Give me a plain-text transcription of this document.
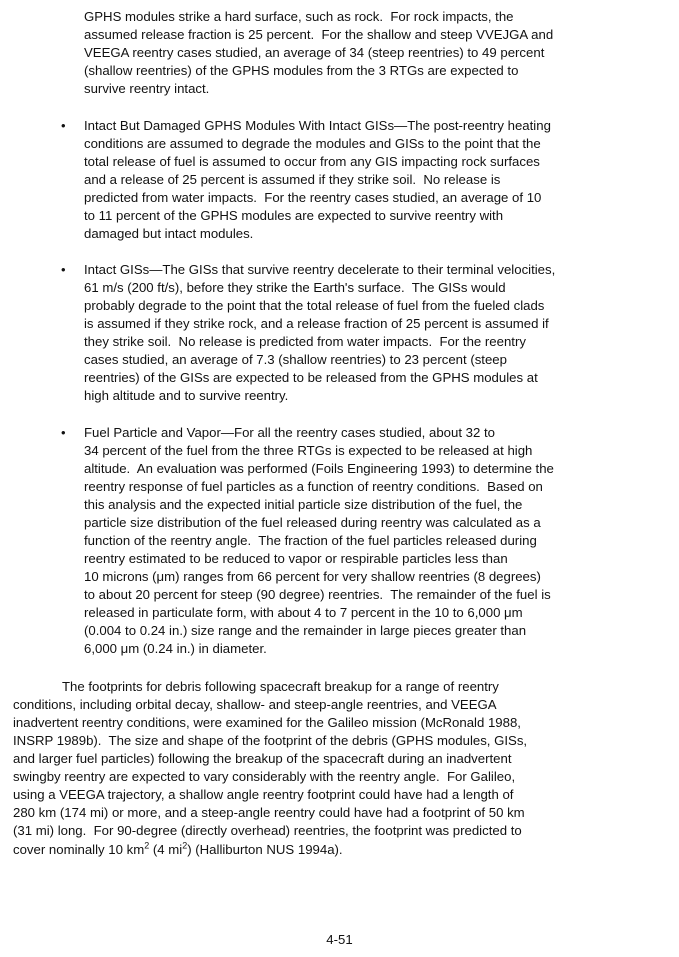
GPHS modules strike a hard surface, such as rock.  For rock impacts, the
assumed release fraction is 25 percent.  For the shallow and steep VVEJGA and
VEEGA reentry cases studied, an average of 34 (steep reentries) to 49 percent
(shallow reentries) of the GPHS modules from the 3 RTGs are expected to
survive reentry intact.
• Intact But Damaged GPHS Modules With Intact GISs—The post-reentry heating
conditions are assumed to degrade the modules and GISs to the point that the
total release of fuel is assumed to occur from any GIS impacting rock surfaces
and a release of 25 percent is assumed if they strike soil.  No release is
predicted from water impacts.  For the reentry cases studied, an average of 10
to 11 percent of the GPHS modules are expected to survive reentry with
damaged but intact modules.
• Intact GISs—The GISs that survive reentry decelerate to their terminal velocities,
61 m/s (200 ft/s), before they strike the Earth's surface.  The GISs would
probably degrade to the point that the total release of fuel from the fueled clads
is assumed if they strike rock, and a release fraction of 25 percent is assumed if
they strike soil.  No release is predicted from water impacts.  For the reentry
cases studied, an average of 7.3 (shallow reentries) to 23 percent (steep
reentries) of the GISs are expected to be released from the GPHS modules at
high altitude and to survive reentry.
• Fuel Particle and Vapor—For all the reentry cases studied, about 32 to
34 percent of the fuel from the three RTGs is expected to be released at high
altitude.  An evaluation was performed (Foils Engineering 1993) to determine the
reentry response of fuel particles as a function of reentry conditions.  Based on
this analysis and the expected initial particle size distribution of the fuel, the
particle size distribution of the fuel released during reentry was calculated as a
function of the reentry angle.  The fraction of the fuel particles released during
reentry estimated to be reduced to vapor or respirable particles less than
10 microns (μm) ranges from 66 percent for very shallow reentries (8 degrees)
to about 20 percent for steep (90 degree) reentries.  The remainder of the fuel is
released in particulate form, with about 4 to 7 percent in the 10 to 6,000 μm
(0.004 to 0.24 in.) size range and the remainder in large pieces greater than
6,000 μm (0.24 in.) in diameter.
The footprints for debris following spacecraft breakup for a range of reentry
conditions, including orbital decay, shallow- and steep-angle reentries, and VEEGA
inadvertent reentry conditions, were examined for the Galileo mission (McRonald 1988,
INSRP 1989b).  The size and shape of the footprint of the debris (GPHS modules, GISs,
and larger fuel particles) following the breakup of the spacecraft during an inadvertent
swingby reentry are expected to vary considerably with the reentry angle.  For Galileo,
using a VEEGA trajectory, a shallow angle reentry footprint could have had a length of
280 km (174 mi) or more, and a steep-angle reentry could have had a footprint of 50 km
(31 mi) long.  For 90-degree (directly overhead) reentries, the footprint was predicted to
cover nominally 10 $km^2$ (4 $mi^2$) (Halliburton NUS 1994a).
4-51
